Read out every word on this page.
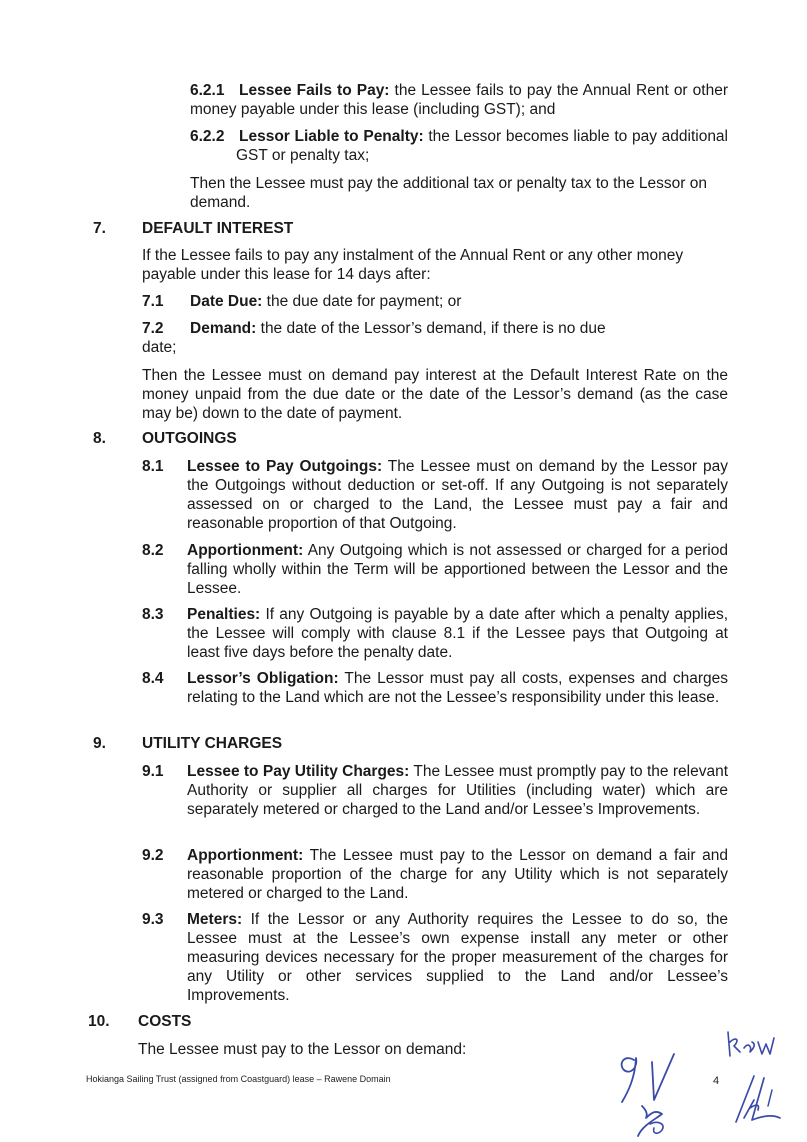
6.2.1 Lessee Fails to Pay: the Lessee fails to pay the Annual Rent or other money payable under this lease (including GST); and
6.2.2 Lessor Liable to Penalty: the Lessor becomes liable to pay additional GST or penalty tax;
Then the Lessee must pay the additional tax or penalty tax to the Lessor on demand.
7. DEFAULT INTEREST
If the Lessee fails to pay any instalment of the Annual Rent or any other money payable under this lease for 14 days after:
7.1 Date Due: the due date for payment; or
7.2 Demand: the date of the Lessor’s demand, if there is no due
date;
Then the Lessee must on demand pay interest at the Default Interest Rate on the money unpaid from the due date or the date of the Lessor’s demand (as the case may be) down to the date of payment.
8. OUTGOINGS
8.1 Lessee to Pay Outgoings: The Lessee must on demand by the Lessor pay the Outgoings without deduction or set-off. If any Outgoing is not separately assessed on or charged to the Land, the Lessee must pay a fair and reasonable proportion of that Outgoing.
8.2 Apportionment: Any Outgoing which is not assessed or charged for a period falling wholly within the Term will be apportioned between the Lessor and the Lessee.
8.3 Penalties: If any Outgoing is payable by a date after which a penalty applies, the Lessee will comply with clause 8.1 if the Lessee pays that Outgoing at least five days before the penalty date.
8.4 Lessor’s Obligation: The Lessor must pay all costs, expenses and charges relating to the Land which are not the Lessee’s responsibility under this lease.
9. UTILITY CHARGES
9.1 Lessee to Pay Utility Charges: The Lessee must promptly pay to the relevant Authority or supplier all charges for Utilities (including water) which are separately metered or charged to the Land and/or Lessee’s Improvements.
9.2 Apportionment: The Lessee must pay to the Lessor on demand a fair and reasonable proportion of the charge for any Utility which is not separately metered or charged to the Land.
9.3 Meters: If the Lessor or any Authority requires the Lessee to do so, the Lessee must at the Lessee’s own expense install any meter or other measuring devices necessary for the proper measurement of the charges for any Utility or other services supplied to the Land and/or Lessee’s Improvements.
10. COSTS
The Lessee must pay to the Lessor on demand:
Hokianga Sailing Trust (assigned from Coastguard) lease – Rawene Domain	4
